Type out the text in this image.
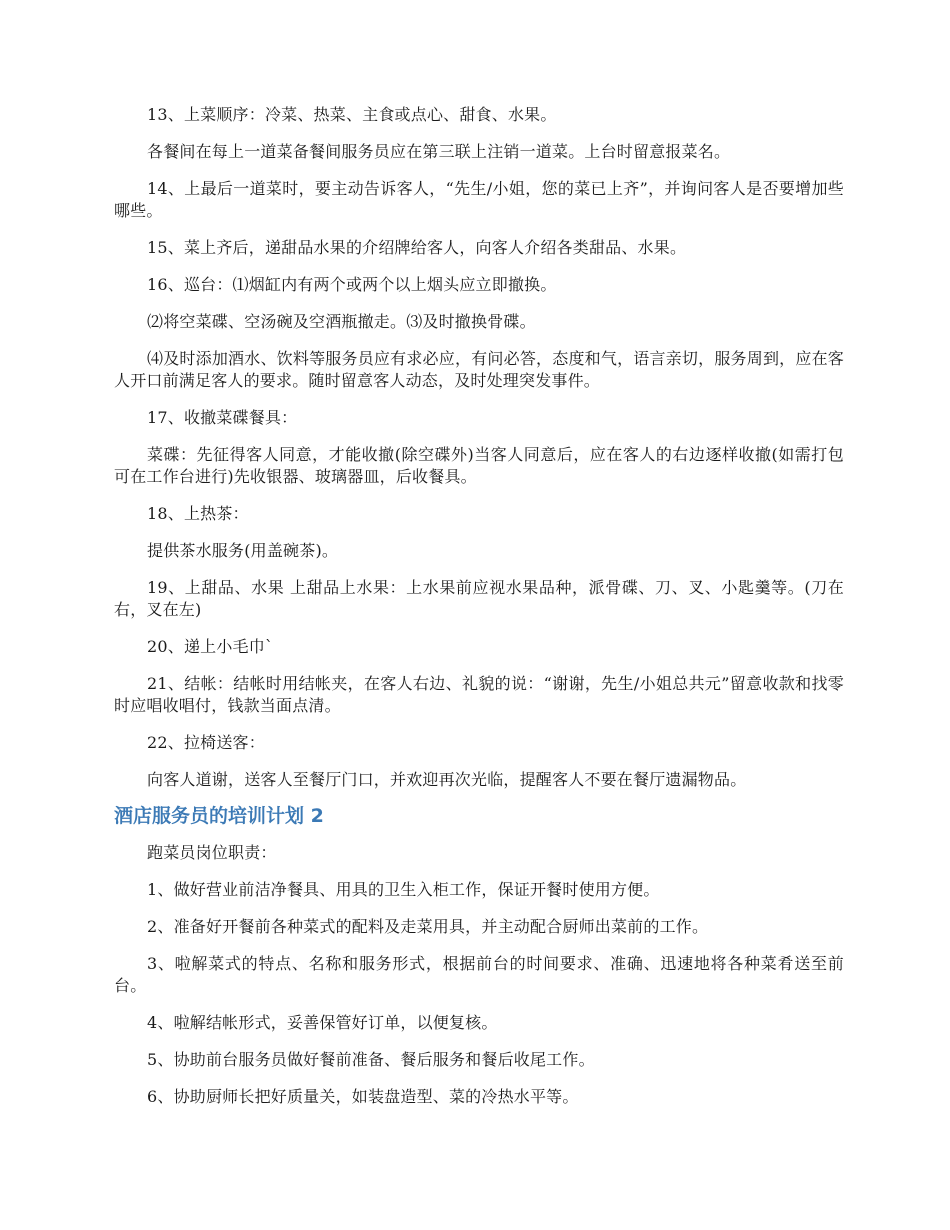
13、上菜顺序：冷菜、热菜、主食或点心、甜食、水果。

各餐间在每上一道菜备餐间服务员应在第三联上注销一道菜。上台时留意报菜名。

14、上最后一道菜时，要主动告诉客人，“先生/小姐，您的菜已上齐”，并询问客人是否要增加些哪些。

15、菜上齐后，递甜品水果的介绍牌给客人，向客人介绍各类甜品、水果。

16、巡台：⑴烟缸内有两个或两个以上烟头应立即撤换。

⑵将空菜碟、空汤碗及空酒瓶撤走。⑶及时撤换骨碟。

⑷及时添加酒水、饮料等服务员应有求必应，有问必答，态度和气，语言亲切，服务周到，应在客人开口前满足客人的要求。随时留意客人动态，及时处理突发事件。

17、收撤菜碟餐具：

菜碟：先征得客人同意，才能收撤(除空碟外)当客人同意后，应在客人的右边逐样收撤(如需打包可在工作台进行)先收银器、玻璃器皿，后收餐具。

18、上热茶：

提供茶水服务(用盖碗茶)。

19、上甜品、水果 上甜品上水果：上水果前应视水果品种，派骨碟、刀、叉、小匙羹等。(刀在右，叉在左)

20、递上小毛巾`

21、结帐：结帐时用结帐夹，在客人右边、礼貌的说：“谢谢，先生/小姐总共元”留意收款和找零时应唱收唱付，钱款当面点清。

22、拉椅送客：

向客人道谢，送客人至餐厅门口，并欢迎再次光临，提醒客人不要在餐厅遗漏物品。

酒店服务员的培训计划 2

跑菜员岗位职责：

1、做好营业前洁净餐具、用具的卫生入柜工作，保证开餐时使用方便。

2、准备好开餐前各种菜式的配料及走菜用具，并主动配合厨师出菜前的工作。

3、啦解菜式的特点、名称和服务形式，根据前台的时间要求、准确、迅速地将各种菜肴送至前台。

4、啦解结帐形式，妥善保管好订单，以便复核。

5、协助前台服务员做好餐前准备、餐后服务和餐后收尾工作。

6、协助厨师长把好质量关，如装盘造型、菜的冷热水平等。
